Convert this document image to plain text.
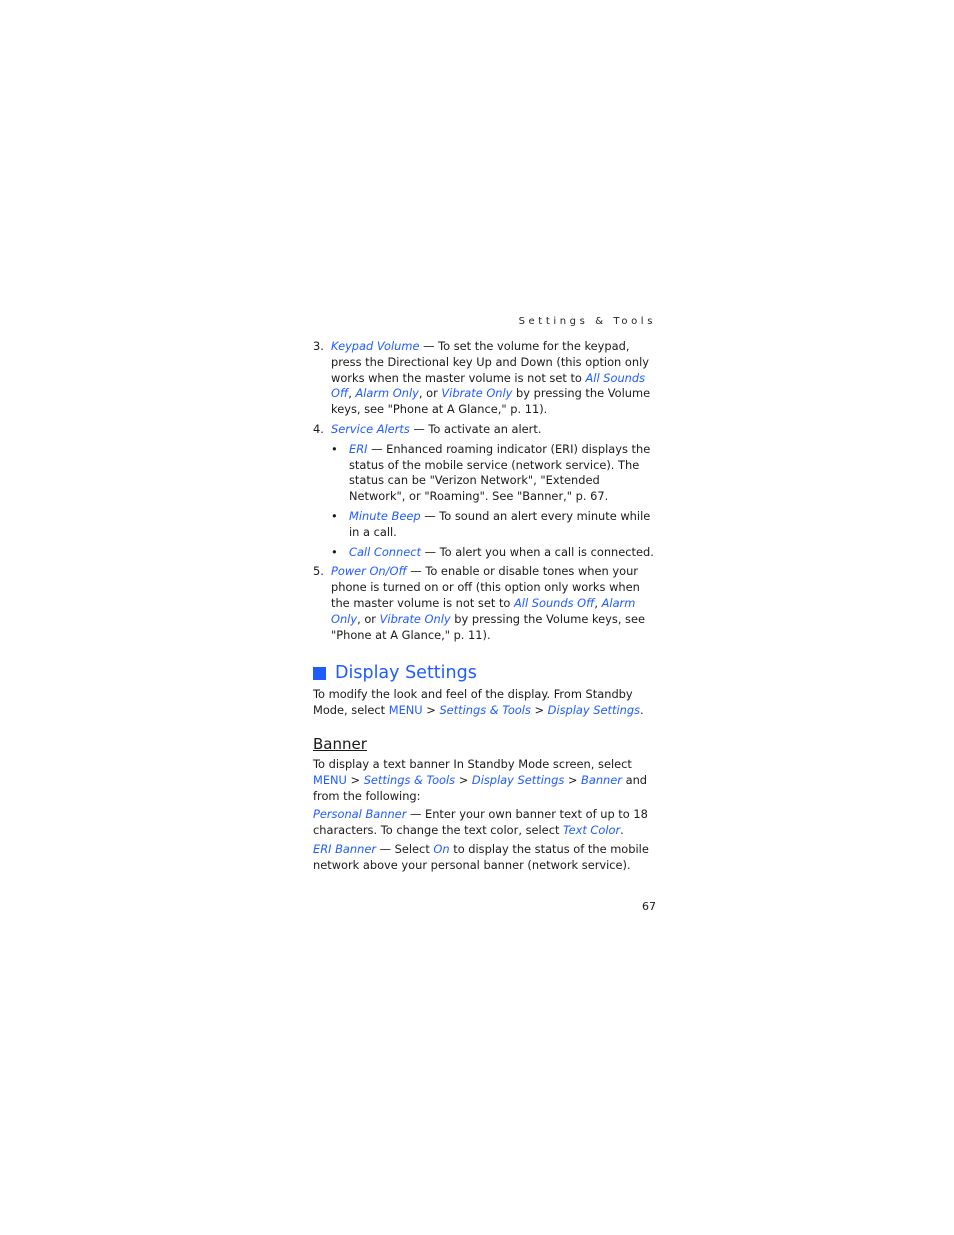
Settings & Tools
3. Keypad Volume — To set the volume for the keypad, press the Directional key Up and Down (this option only works when the master volume is not set to All Sounds Off, Alarm Only, or Vibrate Only by pressing the Volume keys, see "Phone at A Glance," p. 11).
4. Service Alerts — To activate an alert.
• ERI — Enhanced roaming indicator (ERI) displays the status of the mobile service (network service). The status can be "Verizon Network", "Extended Network", or "Roaming". See "Banner," p. 67.
• Minute Beep — To sound an alert every minute while in a call.
• Call Connect — To alert you when a call is connected.
5. Power On/Off — To enable or disable tones when your phone is turned on or off (this option only works when the master volume is not set to All Sounds Off, Alarm Only, or Vibrate Only by pressing the Volume keys, see "Phone at A Glance," p. 11).
Display Settings
To modify the look and feel of the display. From Standby Mode, select MENU > Settings & Tools > Display Settings.
Banner
To display a text banner In Standby Mode screen, select MENU > Settings & Tools > Display Settings > Banner and from the following:
Personal Banner — Enter your own banner text of up to 18 characters. To change the text color, select Text Color.
ERI Banner — Select On to display the status of the mobile network above your personal banner (network service).
67
